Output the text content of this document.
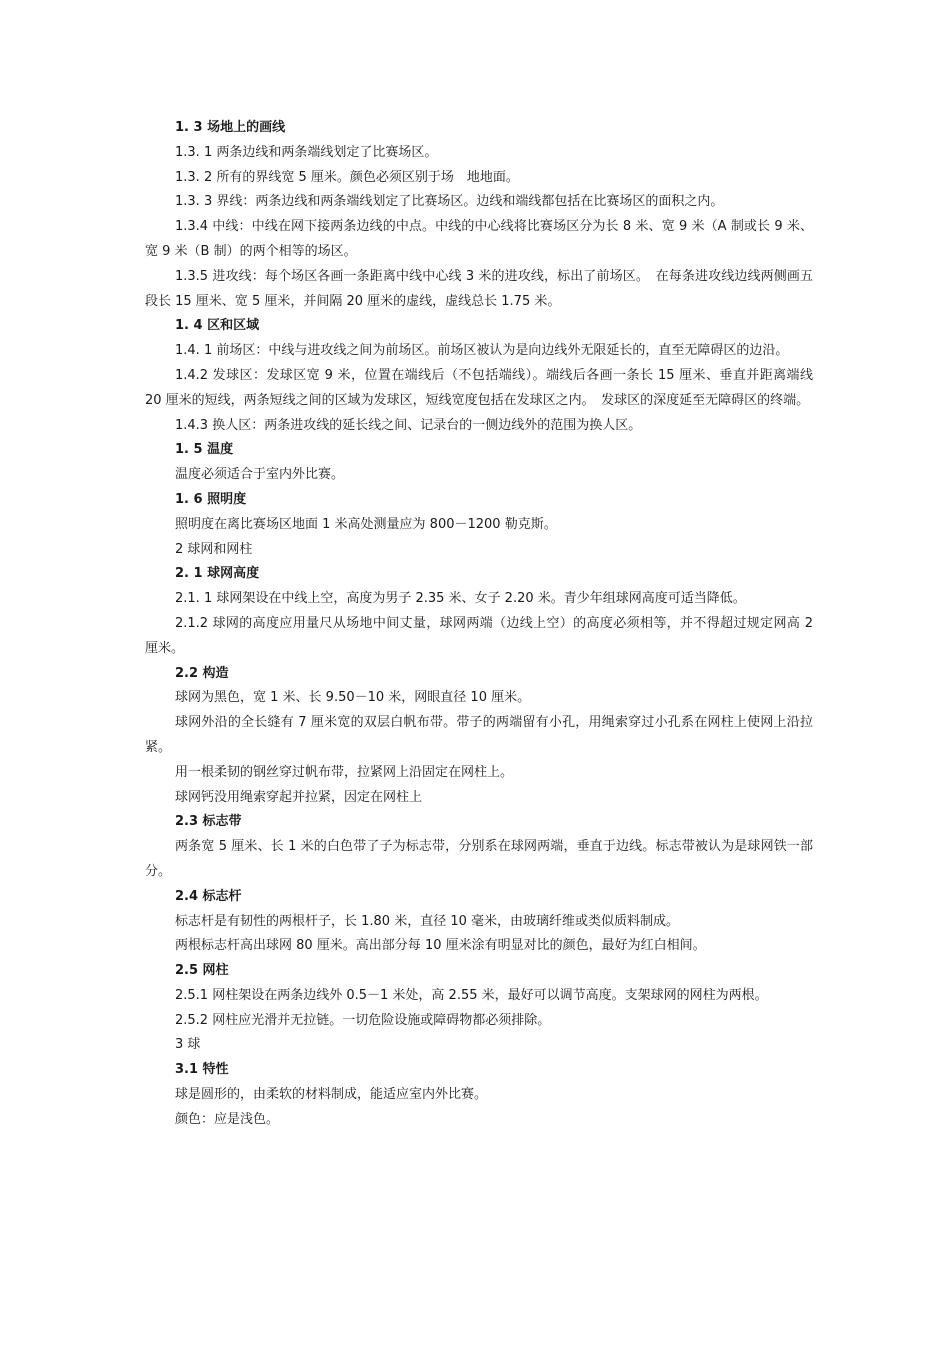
1. 3 场地上的画线

1.3. 1 两条边线和两条端线划定了比赛场区。

1.3. 2 所有的界线宽 5 厘米。颜色必须区别于场　地地面。

1.3. 3 界线：两条边线和两条端线划定了比赛场区。边线和端线都包括在比赛场区的面积之内。

1.3.4 中线：中线在网下接两条边线的中点。中线的中心线将比赛场区分为长 8 米、宽 9 米（A 制或长 9 米、宽 9 米（B 制）的两个相等的场区。

1.3.5 进攻线：每个场区各画一条距离中线中心线 3 米的进攻线，标出了前场区。　在每条进攻线边线两侧画五段长 15 厘米、宽 5 厘米，并间隔 20 厘米的虚线，虚线总长 1.75 米。

1. 4 区和区域

1.4. 1 前场区：中线与进攻线之间为前场区。前场区被认为是向边线外无限延长的，直至无障碍区的边沿。

1.4.2 发球区：发球区宽 9 米，位置在端线后（不包括端线）。端线后各画一条长 15 厘米、垂直并距离端线 20 厘米的短线，两条短线之间的区域为发球区，短线宽度包括在发球区之内。　发球区的深度延至无障碍区的终端。

1.4.3 换人区：两条进攻线的延长线之间、记录台的一侧边线外的范围为换人区。

1. 5 温度

温度必须适合于室内外比赛。

1. 6 照明度

照明度在离比赛场区地面 1 米高处测量应为 800－1200 勒克斯。

2 球网和网柱

2. 1 球网高度

2.1. 1 球网架设在中线上空，高度为男子 2.35 米、女子 2.20 米。青少年组球网高度可适当降低。

2.1.2 球网的高度应用量尺从场地中间丈量，球网两端（边线上空）的高度必须相等，并不得超过规定网高 2 厘米。

2.2 构造

球网为黑色，宽 1 米、长 9.50－10 米，网眼直径 10 厘米。

球网外沿的全长缝有 7 厘米宽的双层白帆布带。带子的两端留有小孔，用绳索穿过小孔系在网柱上使网上沿拉紧。

用一根柔韧的钢丝穿过帆布带，拉紧网上沿固定在网柱上。

球网钙没用绳索穿起并拉紧，因定在网柱上

2.3 标志带

两条宽 5 厘米、长 1 米的白色带了子为标志带，分别系在球网两端，垂直于边线。标志带被认为是球网铁一部分。

2.4 标志杆

标志杆是有韧性的两根杆子，长 1.80 米，直径 10 毫米，由玻璃纤维或类似质料制成。

两根标志杆高出球网 80 厘米。高出部分每 10 厘米涂有明显对比的颜色，最好为红白相间。

2.5 网柱

2.5.1 网柱架设在两条边线外 0.5－1 米处，高 2.55 米，最好可以调节高度。支架球网的网柱为两根。

2.5.2 网柱应光滑并无拉链。一切危险设施或障碍物都必须排除。

3 球

3.1 特性

球是圆形的，由柔软的材料制成，能适应室内外比赛。

颜色：应是浅色。
